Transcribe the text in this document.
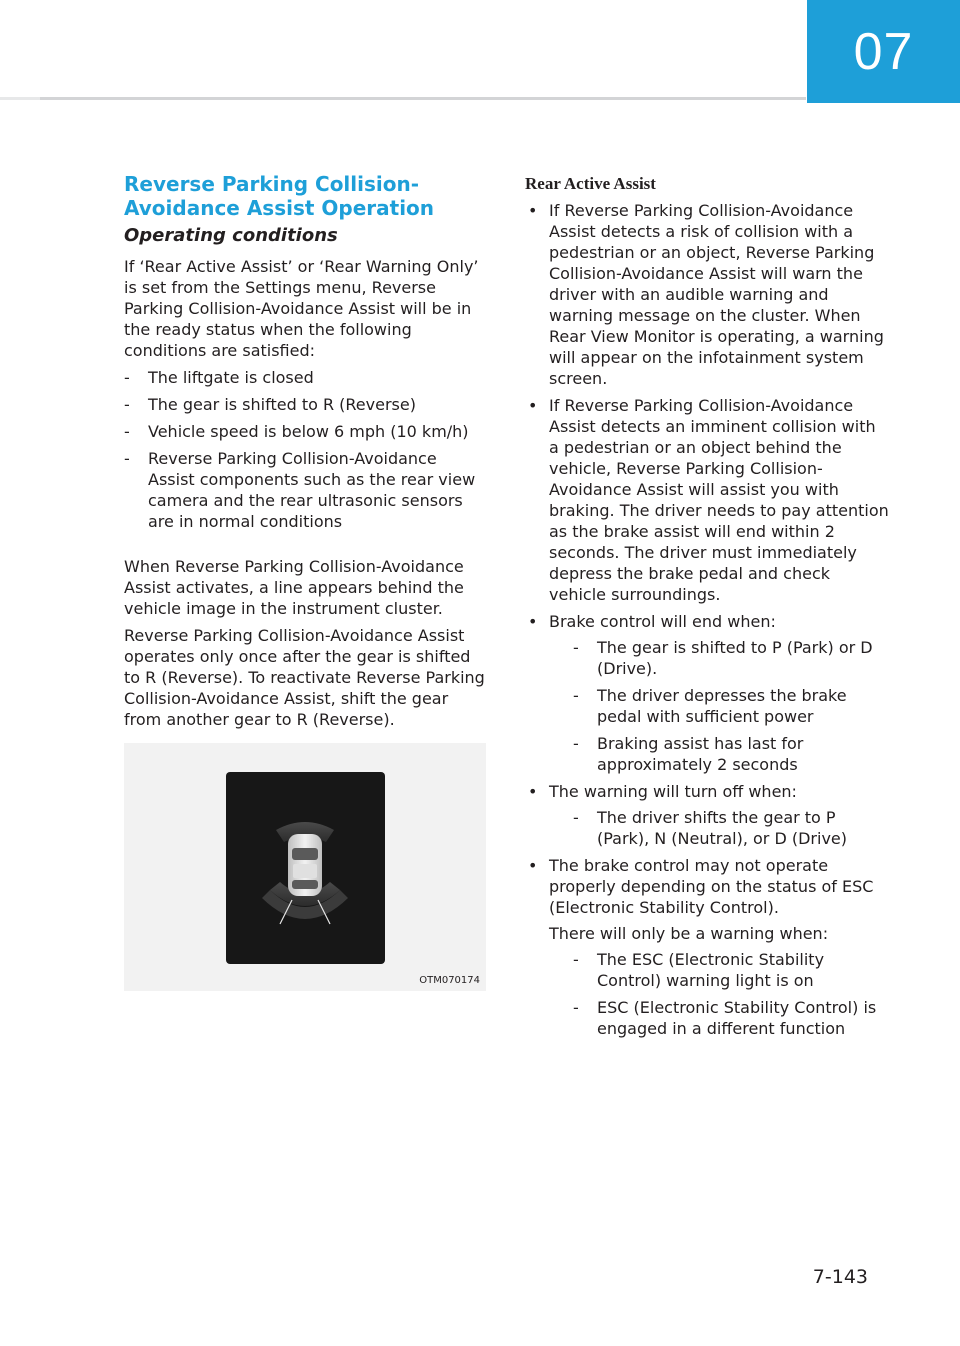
07
Reverse Parking Collision-Avoidance Assist Operation
Operating conditions

If ‘Rear Active Assist’ or ‘Rear Warning Only’ is set from the Settings menu, Reverse Parking Collision-Avoidance Assist will be in the ready status when the following conditions are satisfied:

- The liftgate is closed
- The gear is shifted to R (Reverse)
- Vehicle speed is below 6 mph (10 km/h)
- Reverse Parking Collision-Avoidance Assist components such as the rear view camera and the rear ultrasonic sensors are in normal conditions

When Reverse Parking Collision-Avoidance Assist activates, a line appears behind the vehicle image in the instrument cluster.

Reverse Parking Collision-Avoidance Assist operates only once after the gear is shifted to R (Reverse). To reactivate Reverse Parking Collision-Avoidance Assist, shift the gear from another gear to R (Reverse).

OTM070174
Rear Active Assist
• If Reverse Parking Collision-Avoidance Assist detects a risk of collision with a pedestrian or an object, Reverse Parking Collision-Avoidance Assist will warn the driver with an audible warning and warning message on the cluster. When Rear View Monitor is operating, a warning will appear on the infotainment system screen.
• If Reverse Parking Collision-Avoidance Assist detects an imminent collision with a pedestrian or an object behind the vehicle, Reverse Parking Collision-Avoidance Assist will assist you with braking. The driver needs to pay attention as the brake assist will end within 2 seconds. The driver must immediately depress the brake pedal and check vehicle surroundings.
• Brake control will end when:
- The gear is shifted to P (Park) or D (Drive).
- The driver depresses the brake pedal with sufficient power
- Braking assist has last for approximately 2 seconds
• The warning will turn off when:
- The driver shifts the gear to P (Park), N (Neutral), or D (Drive)
• The brake control may not operate properly depending on the status of ESC (Electronic Stability Control).
There will only be a warning when:
- The ESC (Electronic Stability Control) warning light is on
- ESC (Electronic Stability Control) is engaged in a different function
7-143
